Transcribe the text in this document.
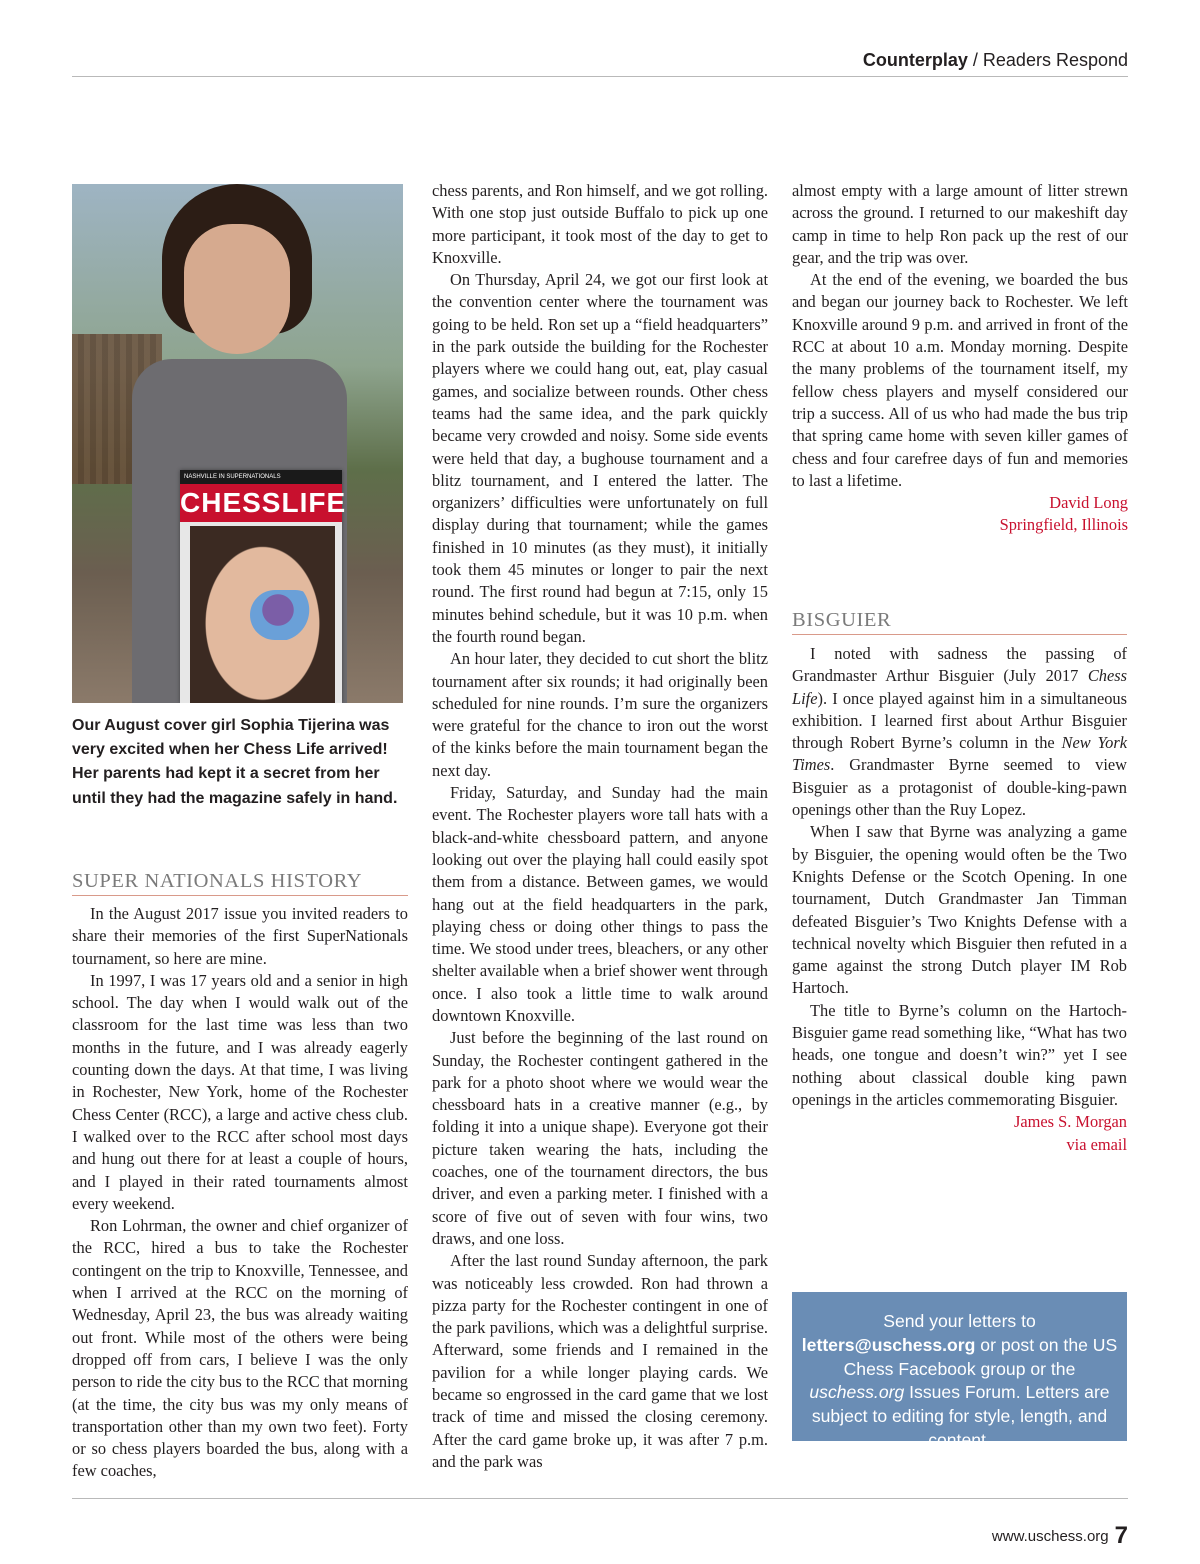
Counterplay / Readers Respond
NASHVILLE IN SUPERNATIONALS
CHESSLIFE
Our August cover girl Sophia Tijerina was very excited when her Chess Life arrived! Her parents had kept it a secret from her until they had the magazine safely in hand.
SUPER NATIONALS HISTORY

In the August 2017 issue you invited readers to share their memories of the first SuperNationals tournament, so here are mine.

In 1997, I was 17 years old and a senior in high school. The day when I would walk out of the classroom for the last time was less than two months in the future, and I was already eagerly counting down the days. At that time, I was living in Rochester, New York, home of the Rochester Chess Center (RCC), a large and active chess club. I walked over to the RCC after school most days and hung out there for at least a couple of hours, and I played in their rated tournaments almost every weekend.

Ron Lohrman, the owner and chief organizer of the RCC, hired a bus to take the Rochester contingent on the trip to Knoxville, Tennessee, and when I arrived at the RCC on the morning of Wednesday, April 23, the bus was already waiting out front. While most of the others were being dropped off from cars, I believe I was the only person to ride the city bus to the RCC that morning (at the time, the city bus was my only means of transportation other than my own two feet). Forty or so chess players boarded the bus, along with a few coaches,

chess parents, and Ron himself, and we got rolling. With one stop just outside Buffalo to pick up one more participant, it took most of the day to get to Knoxville.

On Thursday, April 24, we got our first look at the convention center where the tournament was going to be held. Ron set up a “field headquarters” in the park outside the building for the Rochester players where we could hang out, eat, play casual games, and socialize between rounds. Other chess teams had the same idea, and the park quickly became very crowded and noisy. Some side events were held that day, a bughouse tournament and a blitz tournament, and I entered the latter. The organizers’ difficulties were unfortunately on full display during that tournament; while the games finished in 10 minutes (as they must), it initially took them 45 minutes or longer to pair the next round. The first round had begun at 7:15, only 15 minutes behind schedule, but it was 10 p.m. when the fourth round began.

An hour later, they decided to cut short the blitz tournament after six rounds; it had originally been scheduled for nine rounds. I’m sure the organizers were grateful for the chance to iron out the worst of the kinks before the main tournament began the next day.

Friday, Saturday, and Sunday had the main event. The Rochester players wore tall hats with a black-and-white chessboard pattern, and anyone looking out over the playing hall could easily spot them from a distance. Between games, we would hang out at the field headquarters in the park, playing chess or doing other things to pass the time. We stood under trees, bleachers, or any other shelter available when a brief shower went through once. I also took a little time to walk around downtown Knoxville.

Just before the beginning of the last round on Sunday, the Rochester contingent gathered in the park for a photo shoot where we would wear the chessboard hats in a creative manner (e.g., by folding it into a unique shape). Everyone got their picture taken wearing the hats, including the coaches, one of the tournament directors, the bus driver, and even a parking meter. I finished with a score of five out of seven with four wins, two draws, and one loss.

After the last round Sunday afternoon, the park was noticeably less crowded. Ron had thrown a pizza party for the Rochester contingent in one of the park pavilions, which was a delightful surprise. Afterward, some friends and I remained in the pavilion for a while longer playing cards. We became so engrossed in the card game that we lost track of time and missed the closing ceremony. After the card game broke up, it was after 7 p.m. and the park was

almost empty with a large amount of litter strewn across the ground. I returned to our makeshift day camp in time to help Ron pack up the rest of our gear, and the trip was over.

At the end of the evening, we boarded the bus and began our journey back to Rochester. We left Knoxville around 9 p.m. and arrived in front of the RCC at about 10 a.m. Monday morning. Despite the many problems of the tournament itself, my fellow chess players and myself considered our trip a success. All of us who had made the bus trip that spring came home with seven killer games of chess and four carefree days of fun and memories to last a lifetime.

David Long

Springfield, Illinois

BISGUIER

I noted with sadness the passing of Grandmaster Arthur Bisguier (July 2017 Chess Life). I once played against him in a simultaneous exhibition. I learned first about Arthur Bisguier through Robert Byrne’s column in the New York Times. Grandmaster Byrne seemed to view Bisguier as a protagonist of double-king-pawn openings other than the Ruy Lopez.

When I saw that Byrne was analyzing a game by Bisguier, the opening would often be the Two Knights Defense or the Scotch Opening. In one tournament, Dutch Grandmaster Jan Timman defeated Bisguier’s Two Knights Defense with a technical novelty which Bisguier then refuted in a game against the strong Dutch player IM Rob Hartoch.

The title to Byrne’s column on the Hartoch-Bisguier game read something like, “What has two heads, one tongue and doesn’t win?” yet I see nothing about classical double king pawn openings in the articles commemorating Bisguier.

James S. Morgan

via email

Send your letters to
letters@uschess.org or post on the US Chess Facebook group or the uschess.org Issues Forum. Letters are subject to editing for style, length, and content.
www.uschess.org 7
